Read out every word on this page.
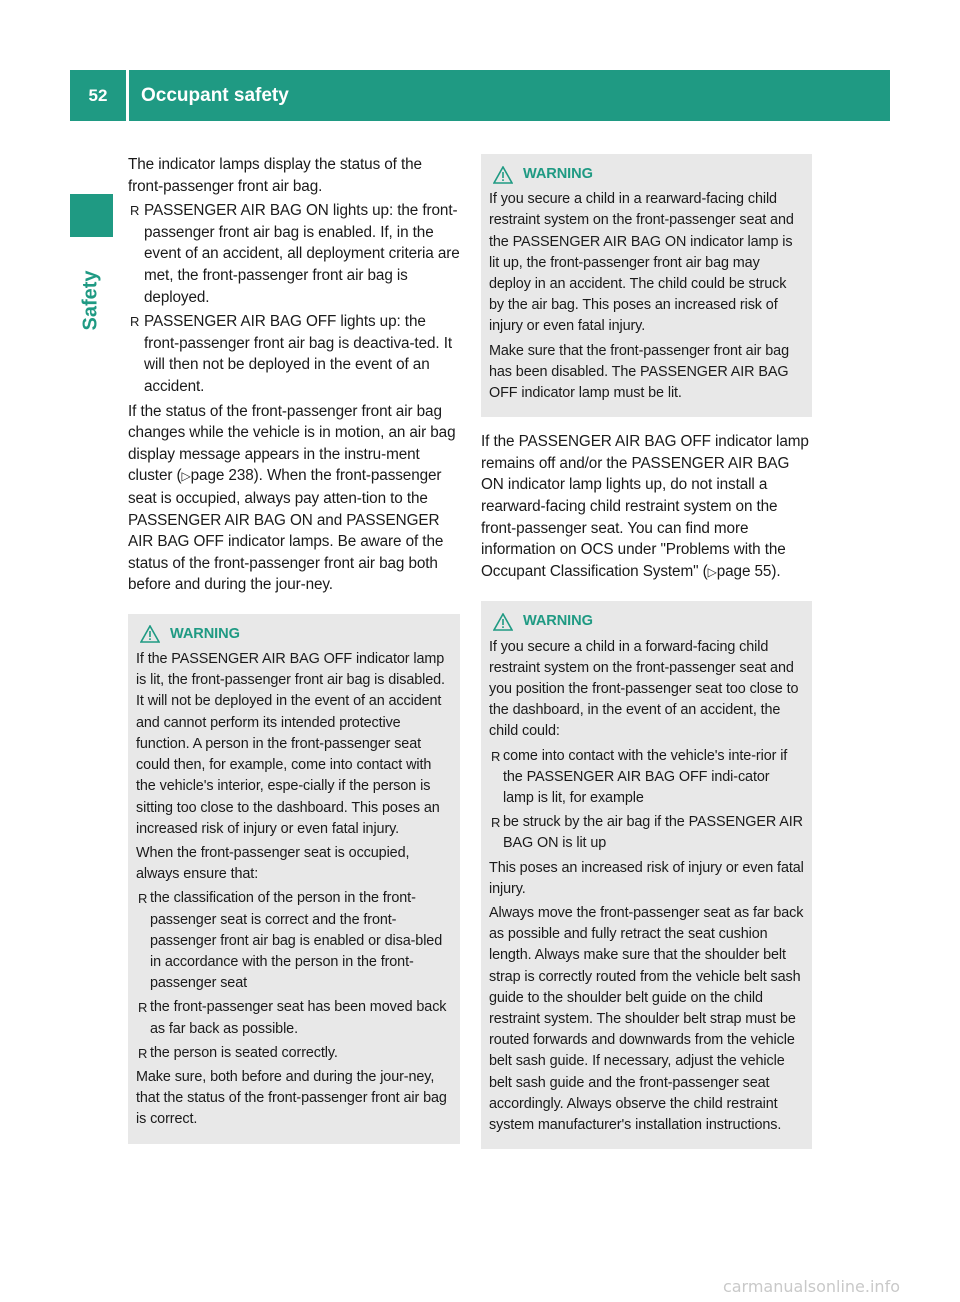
52	Occupant safety
Safety

The indicator lamps display the status of the front-passenger front air bag.

R PASSENGER AIR BAG ON lights up: the front-passenger front air bag is enabled. If, in the event of an accident, all deployment criteria are met, the front-passenger front air bag is deployed.
R PASSENGER AIR BAG OFF lights up: the front-passenger front air bag is deactiva-ted. It will then not be deployed in the event of an accident.

If the status of the front-passenger front air bag changes while the vehicle is in motion, an air bag display message appears in the instru-ment cluster (▷page 238). When the front-passenger seat is occupied, always pay atten-tion to the PASSENGER AIR BAG ON and PASSENGER AIR BAG OFF indicator lamps. Be aware of the status of the front-passenger front air bag both before and during the jour-ney.

WARNING

If the PASSENGER AIR BAG OFF indicator lamp is lit, the front-passenger front air bag is disabled. It will not be deployed in the event of an accident and cannot perform its intended protective function. A person in the front-passenger seat could then, for example, come into contact with the vehicle's interior, espe-cially if the person is sitting too close to the dashboard. This poses an increased risk of injury or even fatal injury.

When the front-passenger seat is occupied, always ensure that:

R the classification of the person in the front-passenger seat is correct and the front-passenger front air bag is enabled or disa-bled in accordance with the person in the front-passenger seat
R the front-passenger seat has been moved back as far back as possible.
R the person is seated correctly.

Make sure, both before and during the jour-ney, that the status of the front-passenger front air bag is correct.

WARNING

If you secure a child in a rearward-facing child restraint system on the front-passenger seat and the PASSENGER AIR BAG ON indicator lamp is lit up, the front-passenger front air bag may deploy in an accident. The child could be struck by the air bag. This poses an increased risk of injury or even fatal injury.

Make sure that the front-passenger front air bag has been disabled. The PASSENGER AIR BAG OFF indicator lamp must be lit.

If the PASSENGER AIR BAG OFF indicator lamp remains off and/or the PASSENGER AIR BAG ON indicator lamp lights up, do not install a rearward-facing child restraint system on the front-passenger seat. You can find more information on OCS under "Problems with the Occupant Classification System" (▷page 55).

WARNING

If you secure a child in a forward-facing child restraint system on the front-passenger seat and you position the front-passenger seat too close to the dashboard, in the event of an accident, the child could:

R come into contact with the vehicle's inte-rior if the PASSENGER AIR BAG OFF indi-cator lamp is lit, for example
R be struck by the air bag if the PASSENGER AIR BAG ON is lit up

This poses an increased risk of injury or even fatal injury.

Always move the front-passenger seat as far back as possible and fully retract the seat cushion length. Always make sure that the shoulder belt strap is correctly routed from the vehicle belt sash guide to the shoulder belt guide on the child restraint system. The shoulder belt strap must be routed forwards and downwards from the vehicle belt sash guide. If necessary, adjust the vehicle belt sash guide and the front-passenger seat accordingly. Always observe the child restraint system manufacturer's installation instructions.

carmanualsonline.info
